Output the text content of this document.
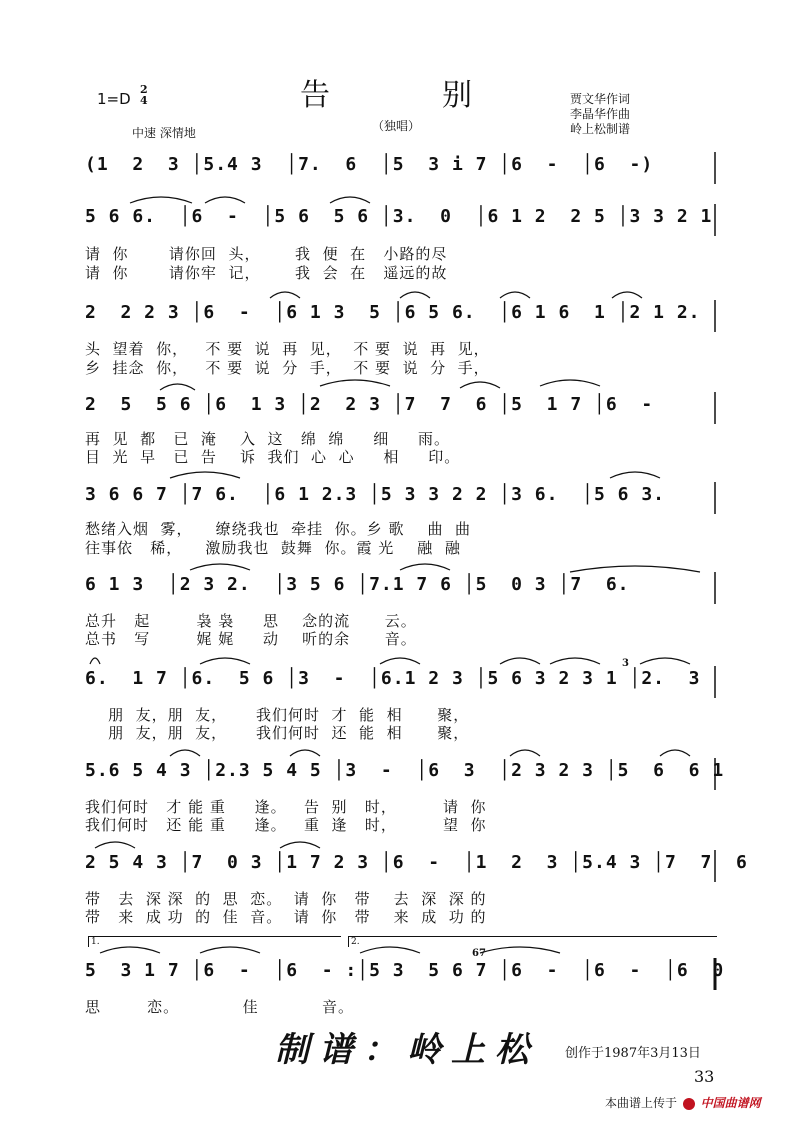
告别
1=D
2
4
中速 深情地	（独唱）
贾文华作词
李晶华作曲
岭上松制谱
(1  2  3 │5.4 3  │7.  6  │5  3 i 7 │6  -  │6  -)
5 6 6.  │6  -  │5 6  5 6 │3.  0  │6 1 2  2 5 │3 3 2 1
请  你       请你回  头，      我  便  在   小路的尽
请  你       请你牢  记，      我  会  在   遥远的故
2  2 2 3 │6  -  │6 1 3  5 │6 5 6.  │6 1 6  1 │2 1 2.
头  望着  你，   不 要  说  再  见，  不 要  说  再  见，
乡  挂念  你，   不 要  说  分  手，  不 要  说  分  手，
2  5  5 6 │6  1 3 │2  2 3 │7  7  6 │5  1 7 │6  -
再  见  都   已  淹    入  这   绵  绵     细     雨。
目  光  早   已  告    诉  我们  心  心     相     印。
3 6 6 7 │7 6.  │6 1 2.3 │5 3 3 2 2 │3 6.  │5 6 3.
愁绪入烟  雾，    缭绕我也  牵挂  你。乡 歌    曲  曲
往事依   稀，    激励我也  鼓舞  你。霞 光    融  融
6 1 3  │2 3 2.  │3 5 6 │7.1 7 6 │5  0 3 │7  6.
总升   起        袅 袅     思    念的流      云。
总书   写        娓 娓     动    听的余      音。
6.  1 7 │6.  5 6 │3  -  │6.1 2 3 │5 6 3 2 3 1 │2.  3
朋  友，朋  友，     我们何时  才  能  相      聚，
朋  友，朋  友，     我们何时  还  能  相      聚，
5.6 5 4 3 │2.3 5 4 5 │3  -  │6  3  │2 3 2 3 │5  6  6 1
我们何时   才 能 重     逢。   告  别   时，        请  你
我们何时   还 能 重     逢。   重  逢   时，        望  你
2 5 4 3 │7  0 3 │1 7 2 3 │6  -  │1  2  3 │5.4 3 │7  7  6
带   去  深 深  的  思  恋。  请  你   带    去  深  深 的
带   来  成 功  的  佳  音。  请  你   带    来  成  功 的
1.	2.
67
3
5  3 1 7 │6  -  │6  - :│5 3  5 6 7 │6  -  │6  -  │6  0
思        恋。           佳           音。
制谱：岭上松 创作于1987年3月13日
33
本曲谱上传于 中国曲谱网
